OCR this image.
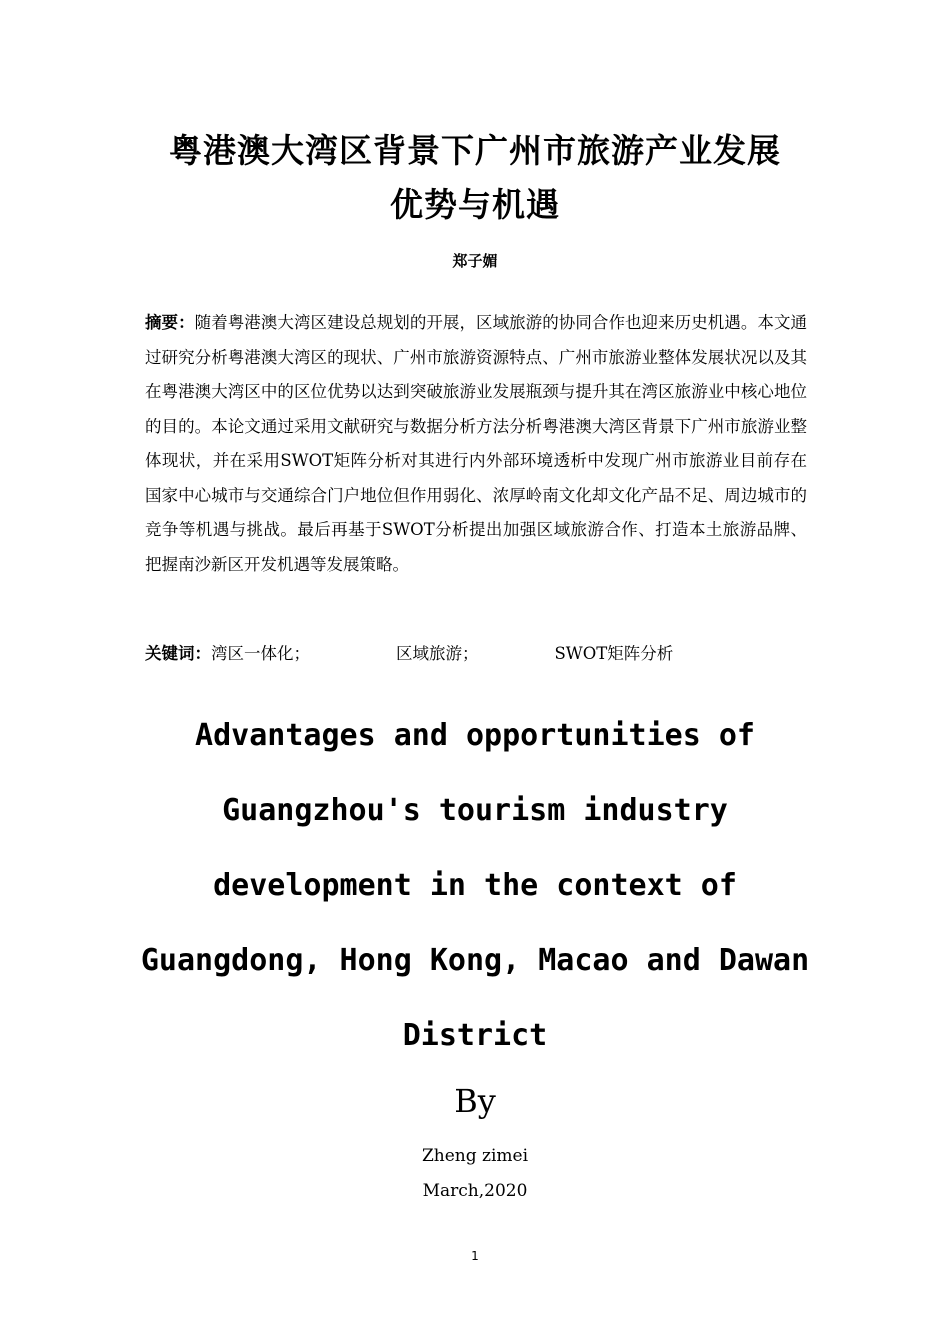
粤港澳大湾区背景下广州市旅游产业发展
优势与机遇
郑子媚

摘要：随着粤港澳大湾区建设总规划的开展，区域旅游的协同合作也迎来历史机遇。本文通过研究分析粤港澳大湾区的现状、广州市旅游资源特点、广州市旅游业整体发展状况以及其在粤港澳大湾区中的区位优势以达到突破旅游业发展瓶颈与提升其在湾区旅游业中核心地位的目的。本论文通过采用文献研究与数据分析方法分析粤港澳大湾区背景下广州市旅游业整体现状，并在采用SWOT矩阵分析对其进行内外部环境透析中发现广州市旅游业目前存在国家中心城市与交通综合门户地位但作用弱化、浓厚岭南文化却文化产品不足、周边城市的竞争等机遇与挑战。最后再基于SWOT分析提出加强区域旅游合作、打造本土旅游品牌、把握南沙新区开发机遇等发展策略。

关键词：湾区一体化；	区域旅游；	SWOT矩阵分析
Advantages and opportunities of
Guangzhou's tourism industry
development in the context of
Guangdong, Hong Kong, Macao and Dawan
District
By
Zheng zimei
March,2020
1
